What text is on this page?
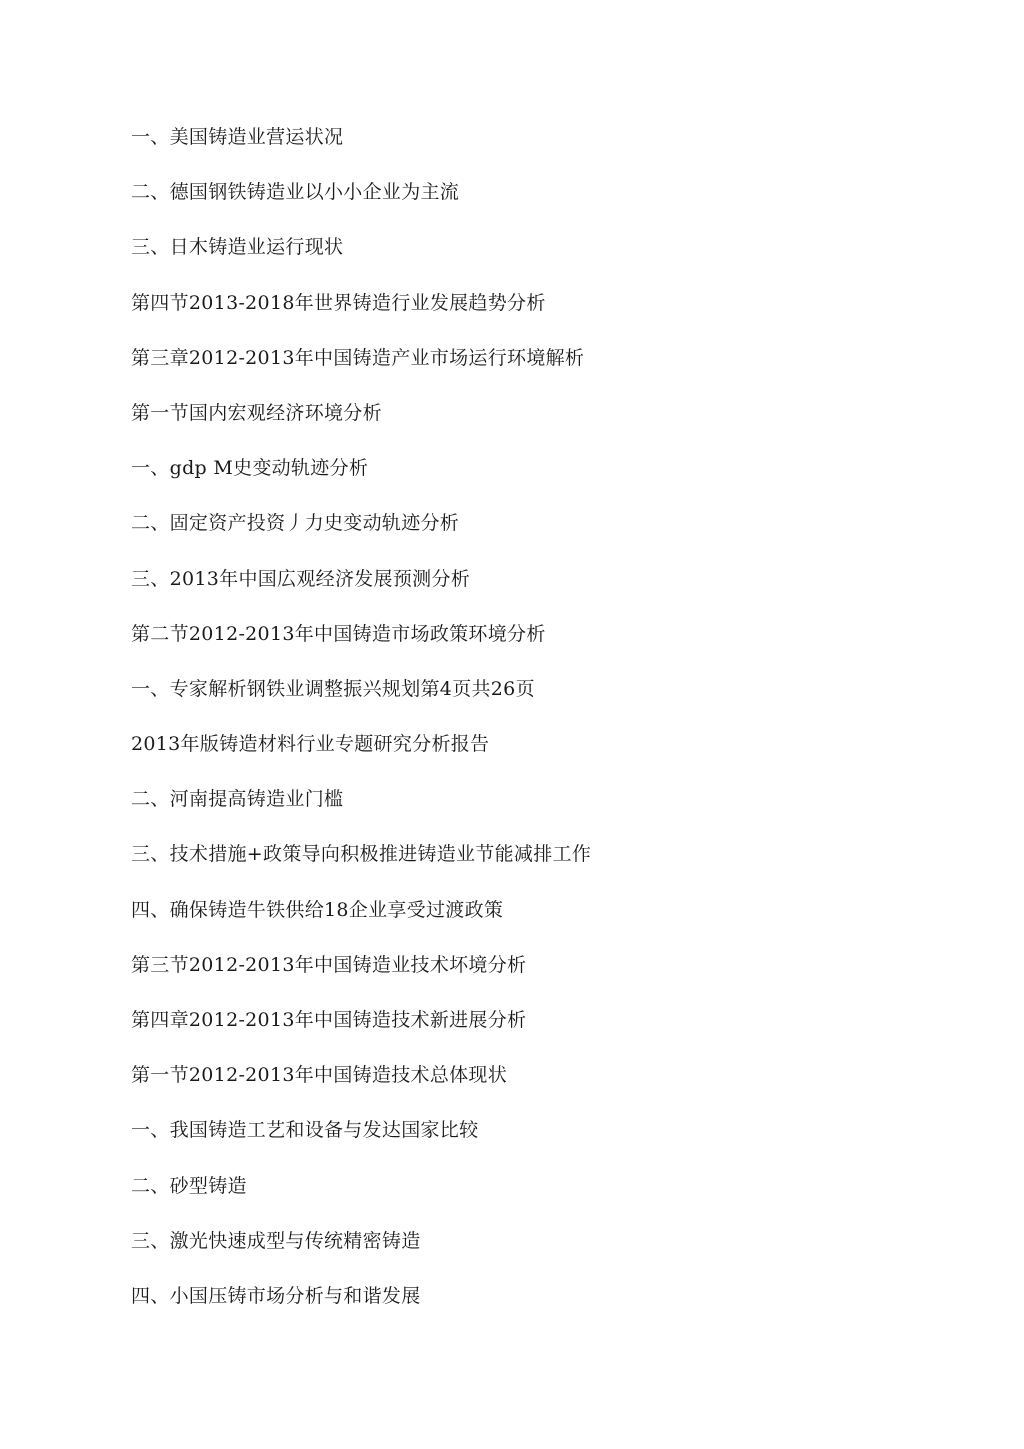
一、美国铸造业营运状况
二、德国钢铁铸造业以小小企业为主流
三、日木铸造业运行现状
第四节2013-2018年世界铸造行业发展趋势分析
第三章2012-2013年中国铸造产业市场运行环境解析
第一节国内宏观经济环境分析
一、gdp M史变动轨迹分析
二、固定资产投资丿力史变动轨迹分析
三、2013年中国広观经济发展预测分析
第二节2012-2013年中国铸造市场政策环境分析
一、专家解析钢铁业调整振兴规划第4页共26页
2013年版铸造材料行业专题研究分析报告
二、河南提高铸造业门槛
三、技术措施+政策导向积极推进铸造业节能减排工作
四、确保铸造牛铁供给18企业享受过渡政策
第三节2012-2013年中国铸造业技术坏境分析
第四章2012-2013年中国铸造技术新进展分析
第一节2012-2013年中国铸造技术总体现状
一、我国铸造工艺和设备与发达国家比较
二、砂型铸造
三、激光快速成型与传统精密铸造
四、小国压铸市场分析与和谐发展
